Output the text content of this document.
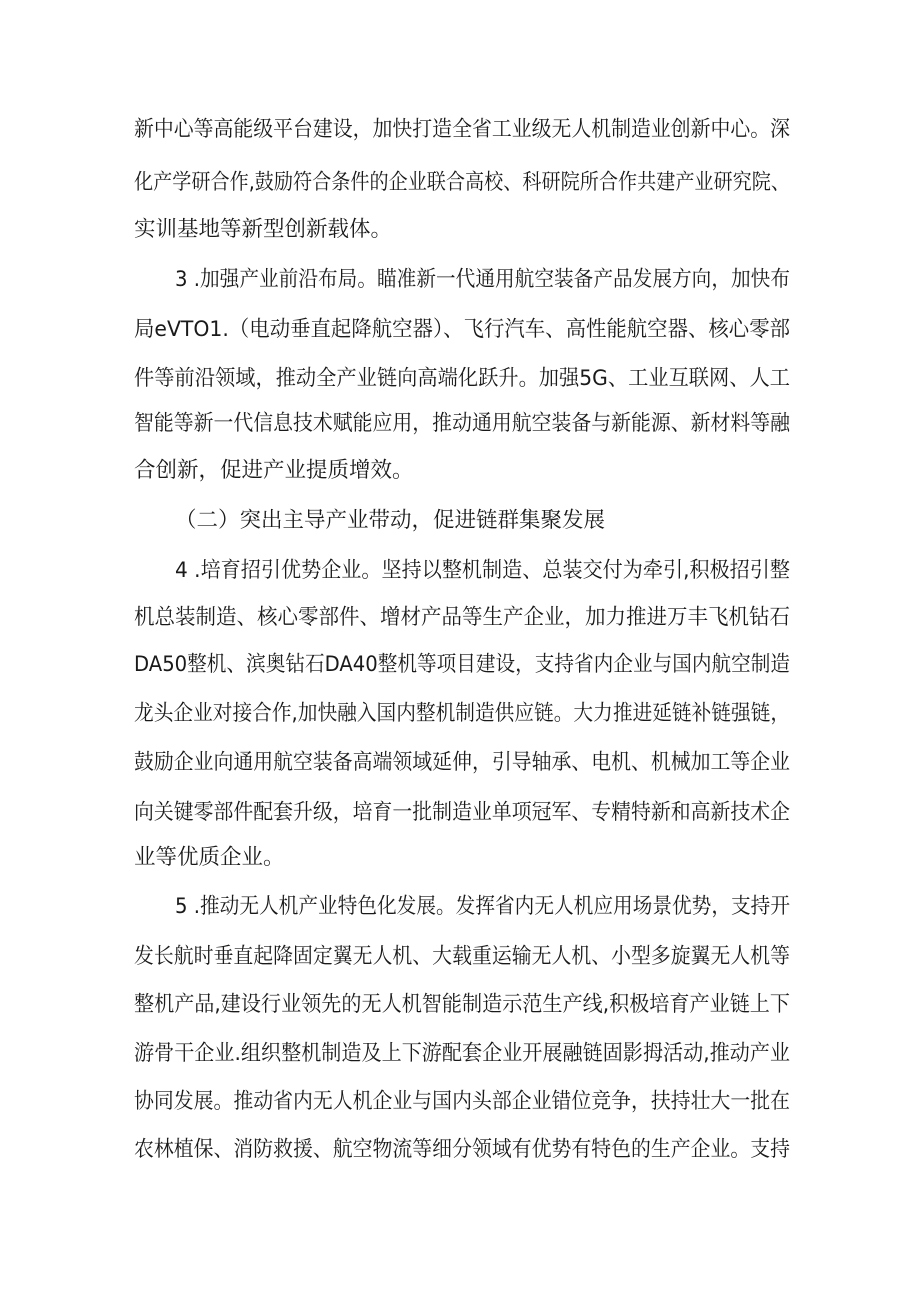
新中心等高能级平台建设，加快打造全省工业级无人机制造业创新中心。深
化产学研合作,鼓励符合条件的企业联合高校、科研院所合作共建产业研究院、
实训基地等新型创新载体。
3 .加强产业前沿布局。瞄准新一代通用航空装备产品发展方向，加快布
局eVTO1.（电动垂直起降航空器）、飞行汽车、高性能航空器、核心零部
件等前沿领域，推动全产业链向高端化跃升。加强5G、工业互联网、人工
智能等新一代信息技术赋能应用，推动通用航空装备与新能源、新材料等融
合创新，促进产业提质增效。
（二）突出主导产业带动，促进链群集聚发展
4 .培育招引优势企业。坚持以整机制造、总装交付为牵引,积极招引整
机总装制造、核心零部件、增材产品等生产企业，加力推进万丰飞机钻石
DA50整机、滨奥钻石DA40整机等项目建设，支持省内企业与国内航空制造
龙头企业对接合作,加快融入国内整机制造供应链。大力推进延链补链强链，
鼓励企业向通用航空装备高端领域延伸，引导轴承、电机、机械加工等企业
向关键零部件配套升级，培育一批制造业单项冠军、专精特新和高新技术企
业等优质企业。
5 .推动无人机产业特色化发展。发挥省内无人机应用场景优势，支持开
发长航时垂直起降固定翼无人机、大载重运输无人机、小型多旋翼无人机等
整机产品,建设行业领先的无人机智能制造示范生产线,积极培育产业链上下
游骨干企业.组织整机制造及上下游配套企业开展融链固影拇活动,推动产业
协同发展。推动省内无人机企业与国内头部企业错位竞争，扶持壮大一批在
农林植保、消防救援、航空物流等细分领域有优势有特色的生产企业。支持
